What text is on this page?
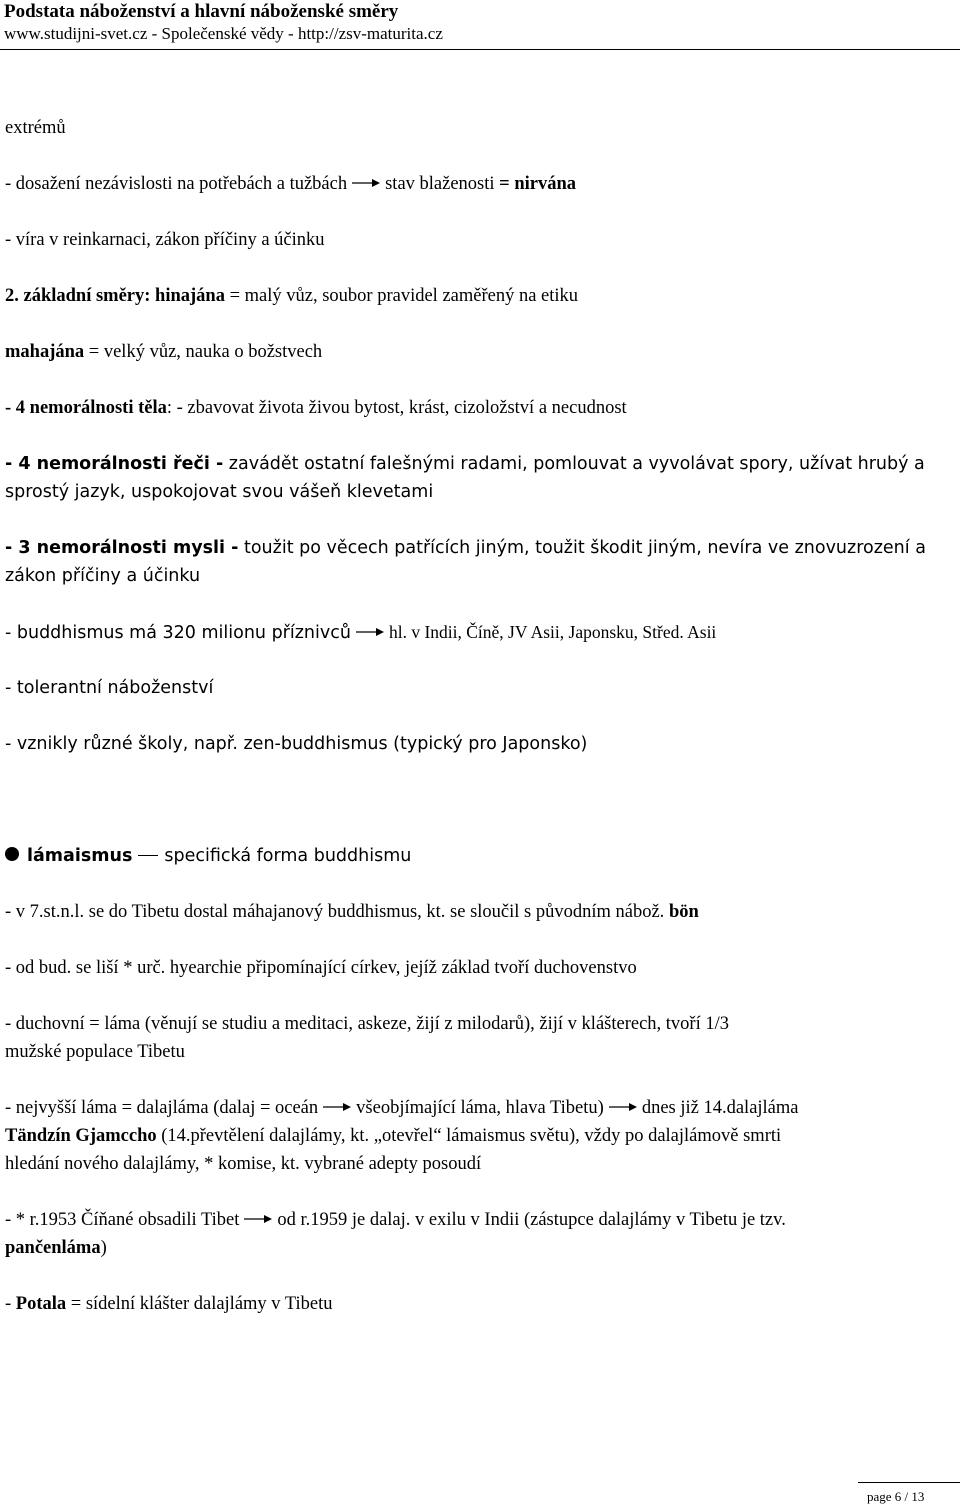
Podstata náboženství a hlavní náboženské směry
www.studijni-svet.cz - Společenské vědy - http://zsv-maturita.cz
extrémů
- dosažení nezávislosti na potřebách a tužbách stav blaženosti = nirvána
- víra v reinkarnaci, zákon příčiny a účinku
2. základní směry: hinajána = malý vůz, soubor pravidel zaměřený na etiku
mahajána = velký vůz, nauka o božstvech
- 4 nemorálnosti těla: - zbavovat života živou bytost, krást, cizoložství a necudnost
- 4 nemorálnosti řeči - zavádět ostatní falešnými radami, pomlouvat a vyvolávat spory, užívat hrubý a
sprostý jazyk, uspokojovat svou vášeň klevetami
- 3 nemorálnosti mysli - toužit po věcech patřících jiným, toužit škodit jiným, nevíra ve znovuzrození a
zákon příčiny a účinku
- buddhismus má 320 milionu příznivců hl. v Indii, Číně, JV Asii, Japonsku, Střed. Asii
- tolerantní náboženství
- vznikly různé školy, např. zen-buddhismus (typický pro Japonsko)
lámaismus specifická forma buddhismu
- v 7.st.n.l. se do Tibetu dostal máhajanový buddhismus, kt. se sloučil s původním nábož. bön
- od bud. se liší * urč. hyearchie připomínající církev, jejíž základ tvoří duchovenstvo
- duchovní = láma (věnují se studiu a meditaci, askeze, žijí z milodarů), žijí v klášterech, tvoří 1/3
mužské populace Tibetu
- nejvyšší láma = dalajláma (dalaj = oceán všeobjímající láma, hlava Tibetu) dnes již 14.dalajláma
Tändzín Gjamccho (14.převtělení dalajlámy, kt. „otevřel“ lámaismus světu), vždy po dalajlámově smrti
hledání nového dalajlámy, * komise, kt. vybrané adepty posoudí
- * r.1953 Číňané obsadili Tibet od r.1959 je dalaj. v exilu v Indii (zástupce dalajlámy v Tibetu je tzv.
pančenláma)
- Potala = sídelní klášter dalajlámy v Tibetu
page 6 / 13
